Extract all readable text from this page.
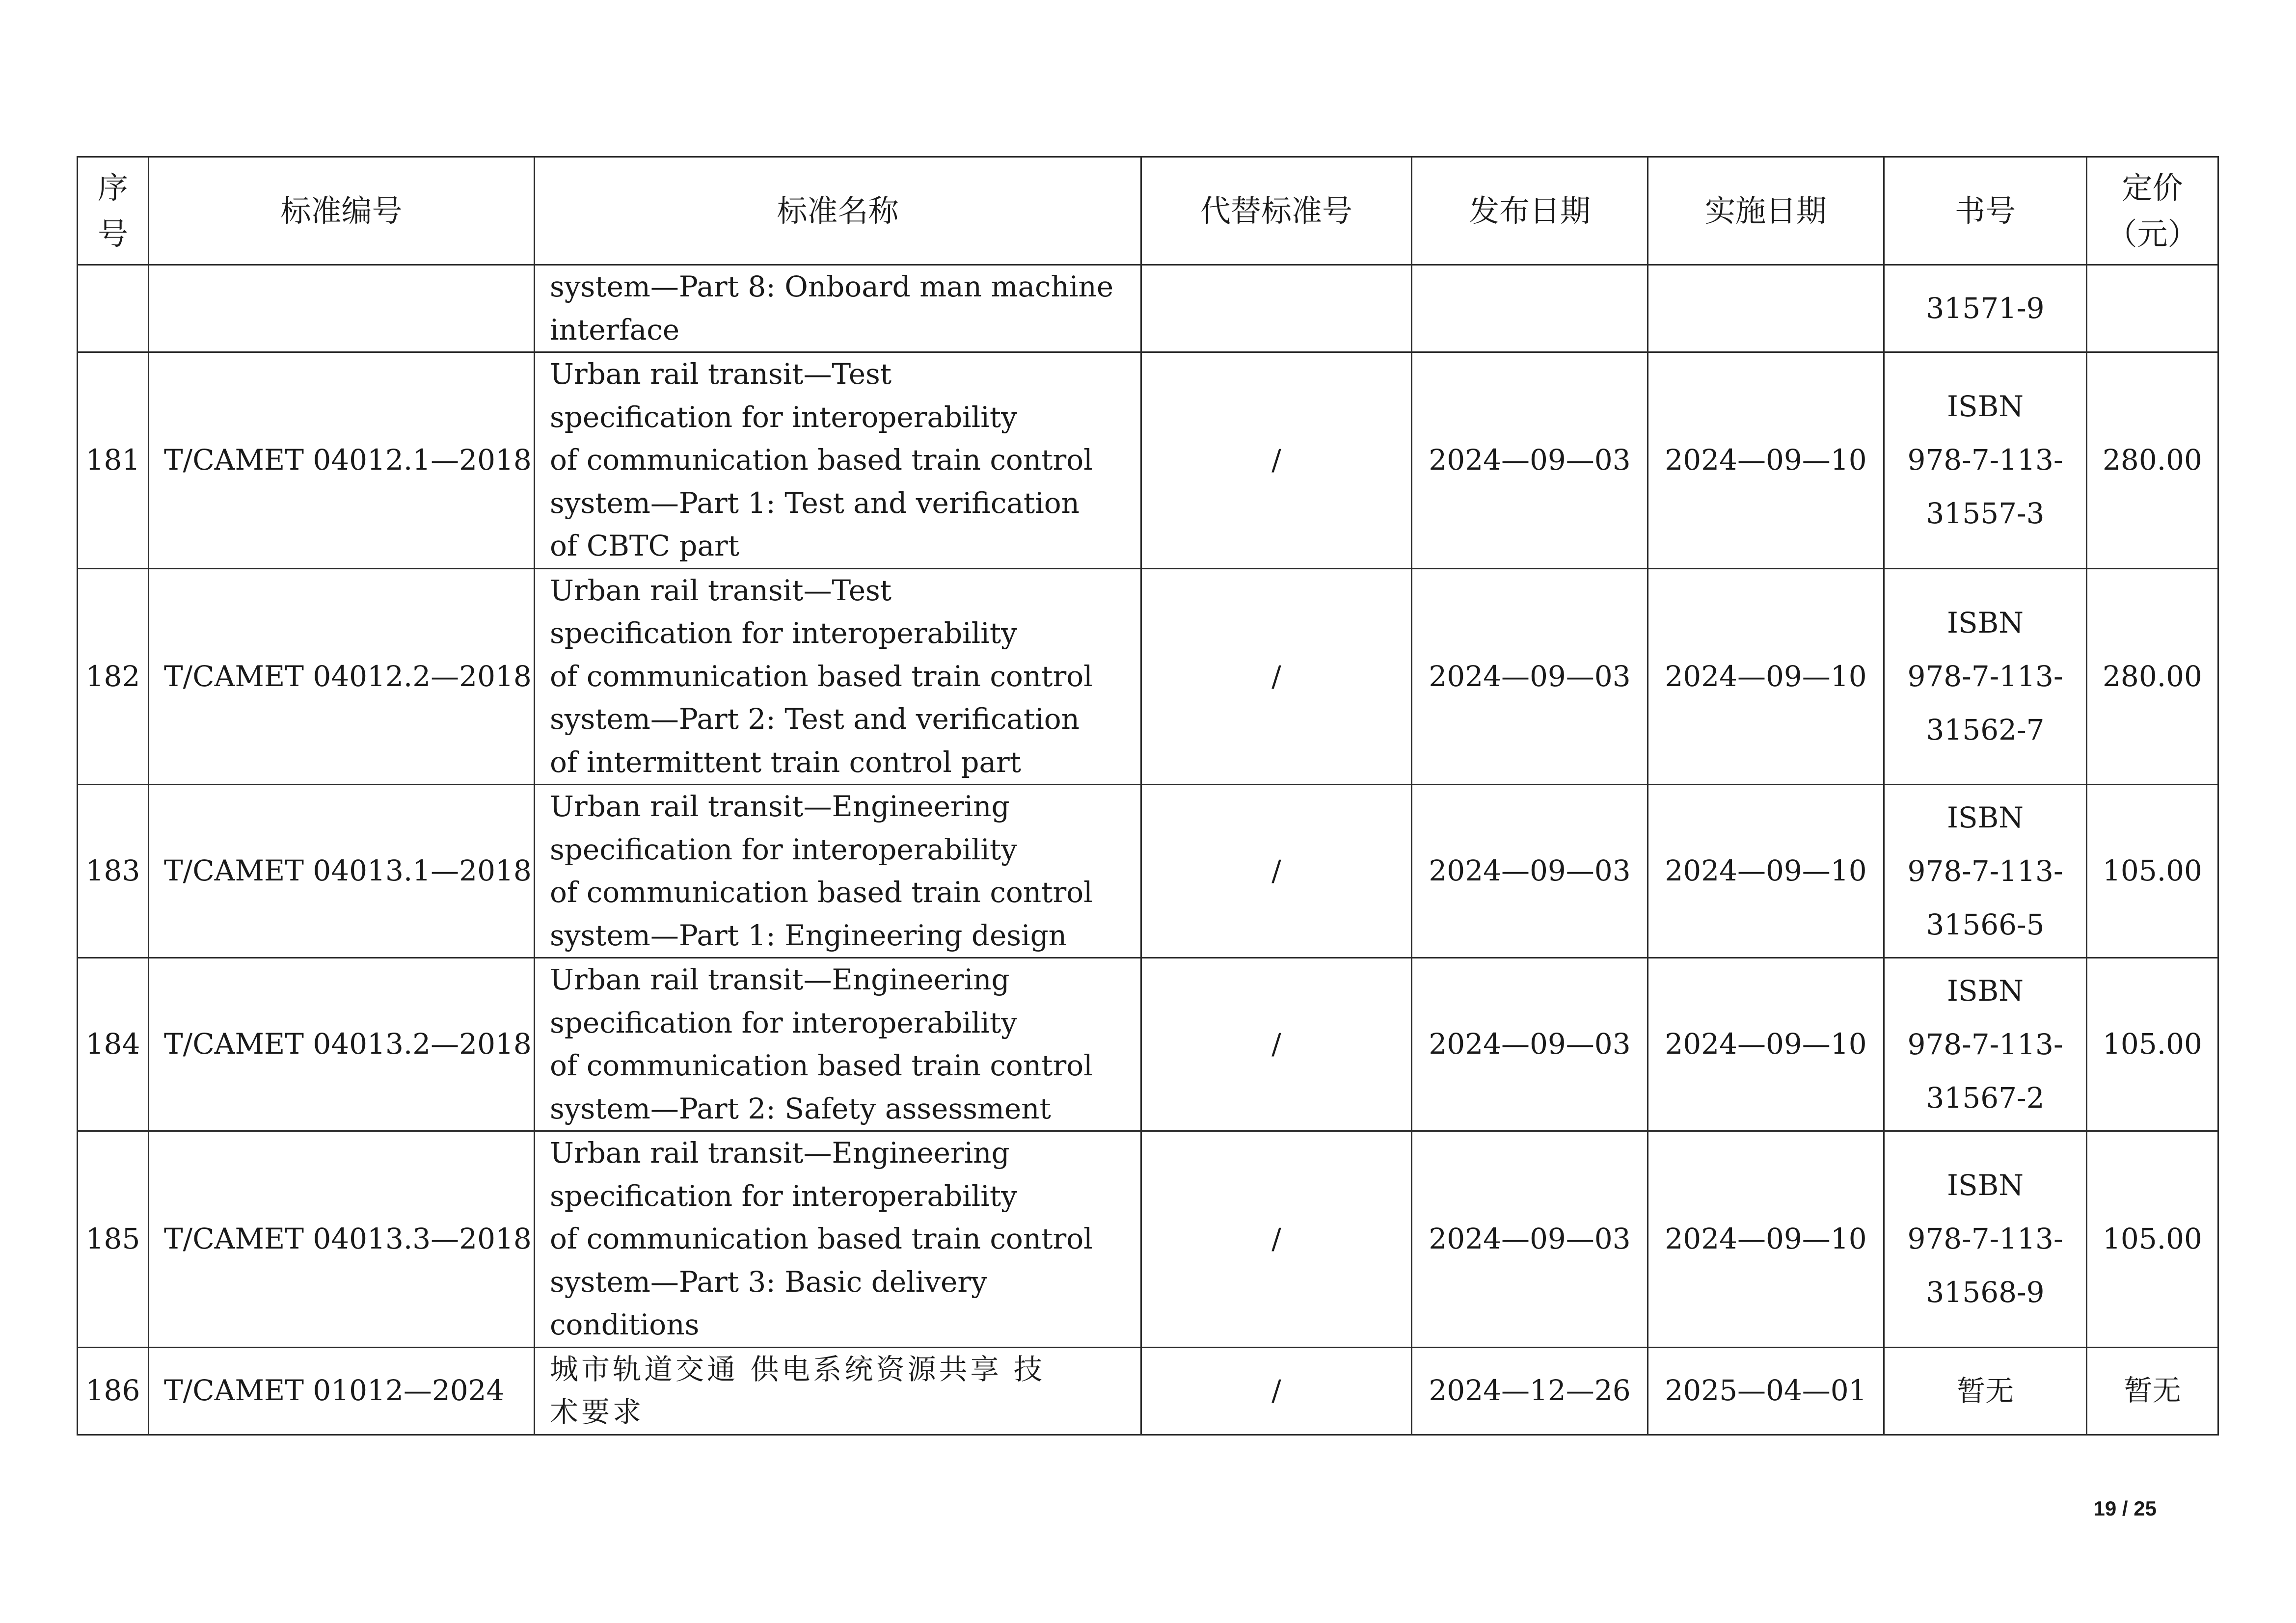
序
号	标准编号	标准名称	代替标准号	发布日期	实施日期	书号	定价
（元）

		system—Part 8: Onboard man machine
interface				31571-9	

181	T/CAMET 04012.1—2018	Urban rail transit—Test
specification for interoperability
of communication based train control
system—Part 1: Test and verification
of CBTC part	/	2024—09—03	2024—09—10	ISBN
978-7-113-
31557-3	280.00
182	T/CAMET 04012.2—2018	Urban rail transit—Test
specification for interoperability
of communication based train control
system—Part 2: Test and verification
of intermittent train control part	/	2024—09—03	2024—09—10	ISBN
978-7-113-
31562-7	280.00
183	T/CAMET 04013.1—2018	Urban rail transit—Engineering
specification for interoperability
of communication based train control
system—Part 1: Engineering design	/	2024—09—03	2024—09—10	ISBN
978-7-113-
31566-5	105.00
184	T/CAMET 04013.2—2018	Urban rail transit—Engineering
specification for interoperability
of communication based train control
system—Part 2: Safety assessment	/	2024—09—03	2024—09—10	ISBN
978-7-113-
31567-2	105.00
185	T/CAMET 04013.3—2018	Urban rail transit—Engineering
specification for interoperability
of communication based train control
system—Part 3: Basic delivery
conditions	/	2024—09—03	2024—09—10	ISBN
978-7-113-
31568-9	105.00
186	T/CAMET 01012—2024	城市轨道交通 供电系统资源共享 技
术要求	/	2024—12—26	2025—04—01	暂无	暂无
19 / 25
